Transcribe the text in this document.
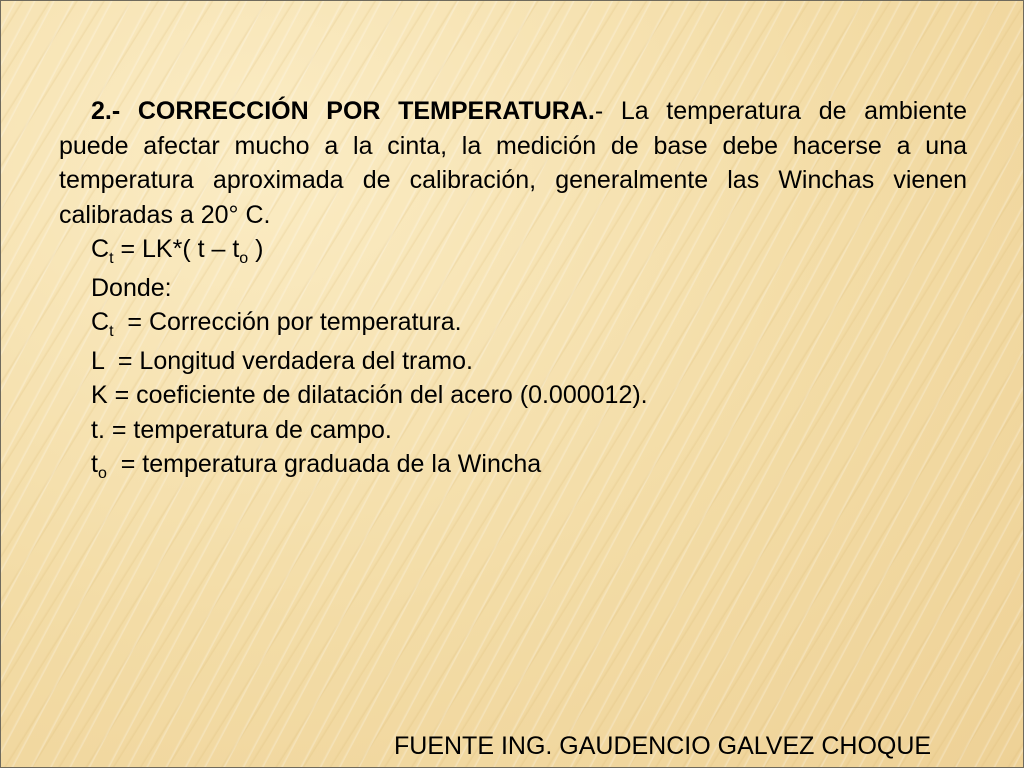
2.- CORRECCIÓN POR TEMPERATURA.- La temperatura de ambiente puede afectar mucho a la cinta, la medición de base debe hacerse a una temperatura aproximada de calibración, generalmente las Winchas vienen calibradas a 20° C.

$C_t = LK*$( t – $t_o$ )

Donde:

$C_t$  = Corrección por temperatura.

L  = Longitud verdadera del tramo.

K = coeficiente de dilatación del acero (0.000012).

t. = temperatura de campo.

$t_o$  = temperatura graduada de la Wincha

FUENTE ING. GAUDENCIO GALVEZ CHOQUE
